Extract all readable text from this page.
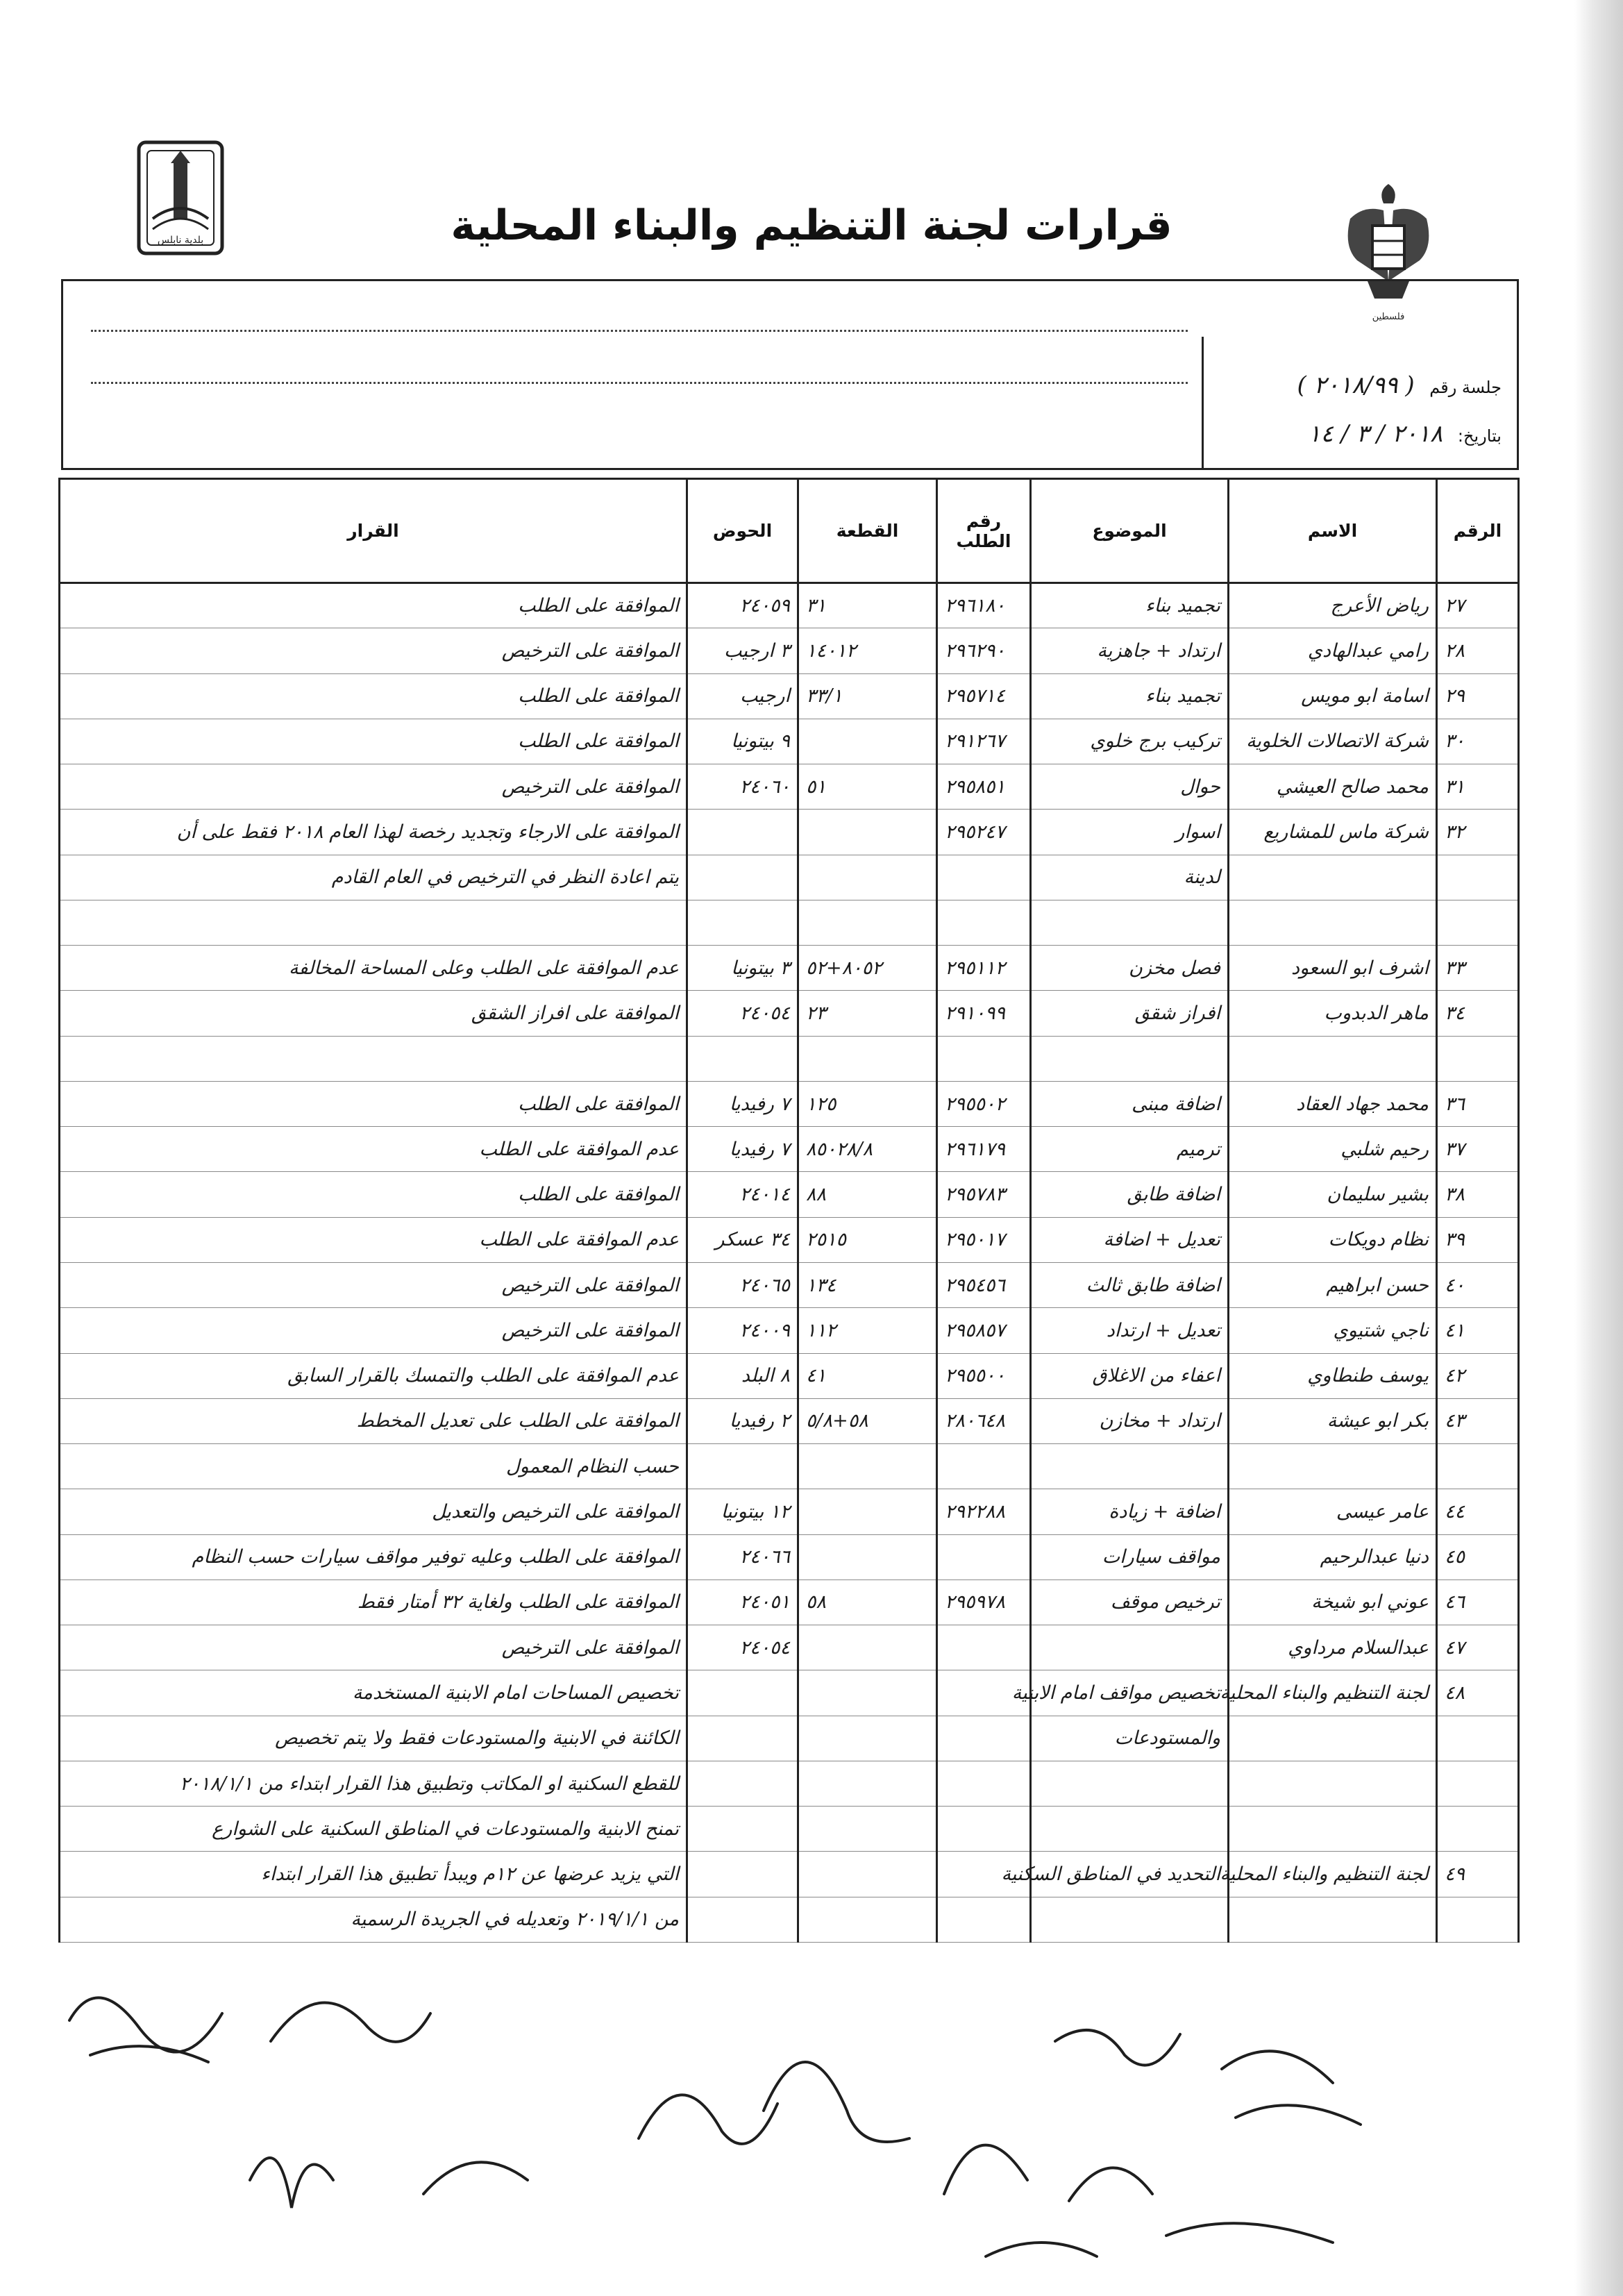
بلدية نابلس
فلسطين
قرارات لجنة التنظيم والبناء المحلية
جلسة رقم ( ٢٠١٨/٩٩ )
بتاريخ: ٢٠١٨ / ٣ / ١٤
الرقم	الاسم	الموضوع	رقم الطلب	القطعة	الحوض	القرار
٢٧	رياض الأعرج	تجميد بناء	٢٩٦١٨٠	٣١	٢٤٠٥٩	الموافقة على الطلب
٢٨	رامي عبدالهادي	ارتداد + جاهزية	٢٩٦٢٩٠	١٤٠١٢	٣ ارجيب	الموافقة على الترخيص
٢٩	اسامة ابو مويس	تجميد بناء	٢٩٥٧١٤	٣٣/١	ارجيب	الموافقة على الطلب
٣٠	شركة الاتصالات الخلوية	تركيب برج خلوي	٢٩١٢٦٧		٩ بيتونيا	الموافقة على الطلب
٣١	محمد صالح العيشي	حوال	٢٩٥٨٥١	٥١	٢٤٠٦٠	الموافقة على الترخيص
٣٢	شركة ماس للمشاريع	اسوار	٢٩٥٢٤٧			الموافقة على الارجاء وتجديد رخصة لهذا العام ٢٠١٨ فقط على أن
		لدينة				يتم اعادة النظر في الترخيص في العام القادم

٣٣	اشرف ابو السعود	فصل مخزن	٢٩٥١١٢	٨٠٥٢+٥٢	٣ بيتونيا	عدم الموافقة على الطلب وعلى المساحة المخالفة
٣٤	ماهر الدبدوب	افراز شقق	٢٩١٠٩٩	٢٣	٢٤٠٥٤	الموافقة على افراز الشقق

٣٦	محمد جهاد العقاد	اضافة مبنى	٢٩٥٥٠٢	١٢٥	٧ رفيديا	الموافقة على الطلب
٣٧	رحيم شلبي	ترميم	٢٩٦١٧٩	٨٥٠٢٨/٨	٧ رفيديا	عدم الموافقة على الطلب
٣٨	بشير سليمان	اضافة طابق	٢٩٥٧٨٣	٨٨	٢٤٠١٤	الموافقة على الطلب
٣٩	نظام دويكات	تعديل + اضافة	٢٩٥٠١٧	٢٥١٥	٣٤ عسكر	عدم الموافقة على الطلب
٤٠	حسن ابراهيم	اضافة طابق ثالث	٢٩٥٤٥٦	١٣٤	٢٤٠٦٥	الموافقة على الترخيص
٤١	ناجي شتيوي	تعديل + ارتداد	٢٩٥٨٥٧	١١٢	٢٤٠٠٩	الموافقة على الترخيص
٤٢	يوسف طنطاوي	اعفاء من الاغلاق	٢٩٥٥٠٠	٤١	٨ البلد	عدم الموافقة على الطلب والتمسك بالقرار السابق
٤٣	بكر ابو عيشة	ارتداد + مخازن	٢٨٠٦٤٨	٥٨+٥/٨	٢ رفيديا	الموافقة على الطلب على تعديل المخطط
						حسب النظام المعمول
٤٤	عامر عيسى	اضافة + زيادة	٢٩٢٢٨٨		١٢ بيتونيا	الموافقة على الترخيص والتعديل
٤٥	دنيا عبدالرحيم	مواقف سيارات			٢٤٠٦٦	الموافقة على الطلب وعليه توفير مواقف سيارات حسب النظام
٤٦	عوني ابو شيخة	ترخيص موقف	٢٩٥٩٧٨	٥٨	٢٤٠٥١	الموافقة على الطلب ولغاية ٣٢ أمتار فقط
٤٧	عبدالسلام مرداوي				٢٤٠٥٤	الموافقة على الترخيص
٤٨	لجنة التنظيم والبناء المحلية	تخصيص مواقف امام الابنية				تخصيص المساحات امام الابنية المستخدمة
		والمستودعات				الكائنة في الابنية والمستودعات فقط ولا يتم تخصيص
						للقطع السكنية او المكاتب وتطبيق هذا القرار ابتداء من ٢٠١٨/١/١
						تمنح الابنية والمستودعات في المناطق السكنية على الشوارع
٤٩	لجنة التنظيم والبناء المحلية	التحديد في المناطق السكنية				التي يزيد عرضها عن ١٢م ويبدأ تطبيق هذا القرار ابتداء
						من ٢٠١٩/١/١ وتعديله في الجريدة الرسمية
